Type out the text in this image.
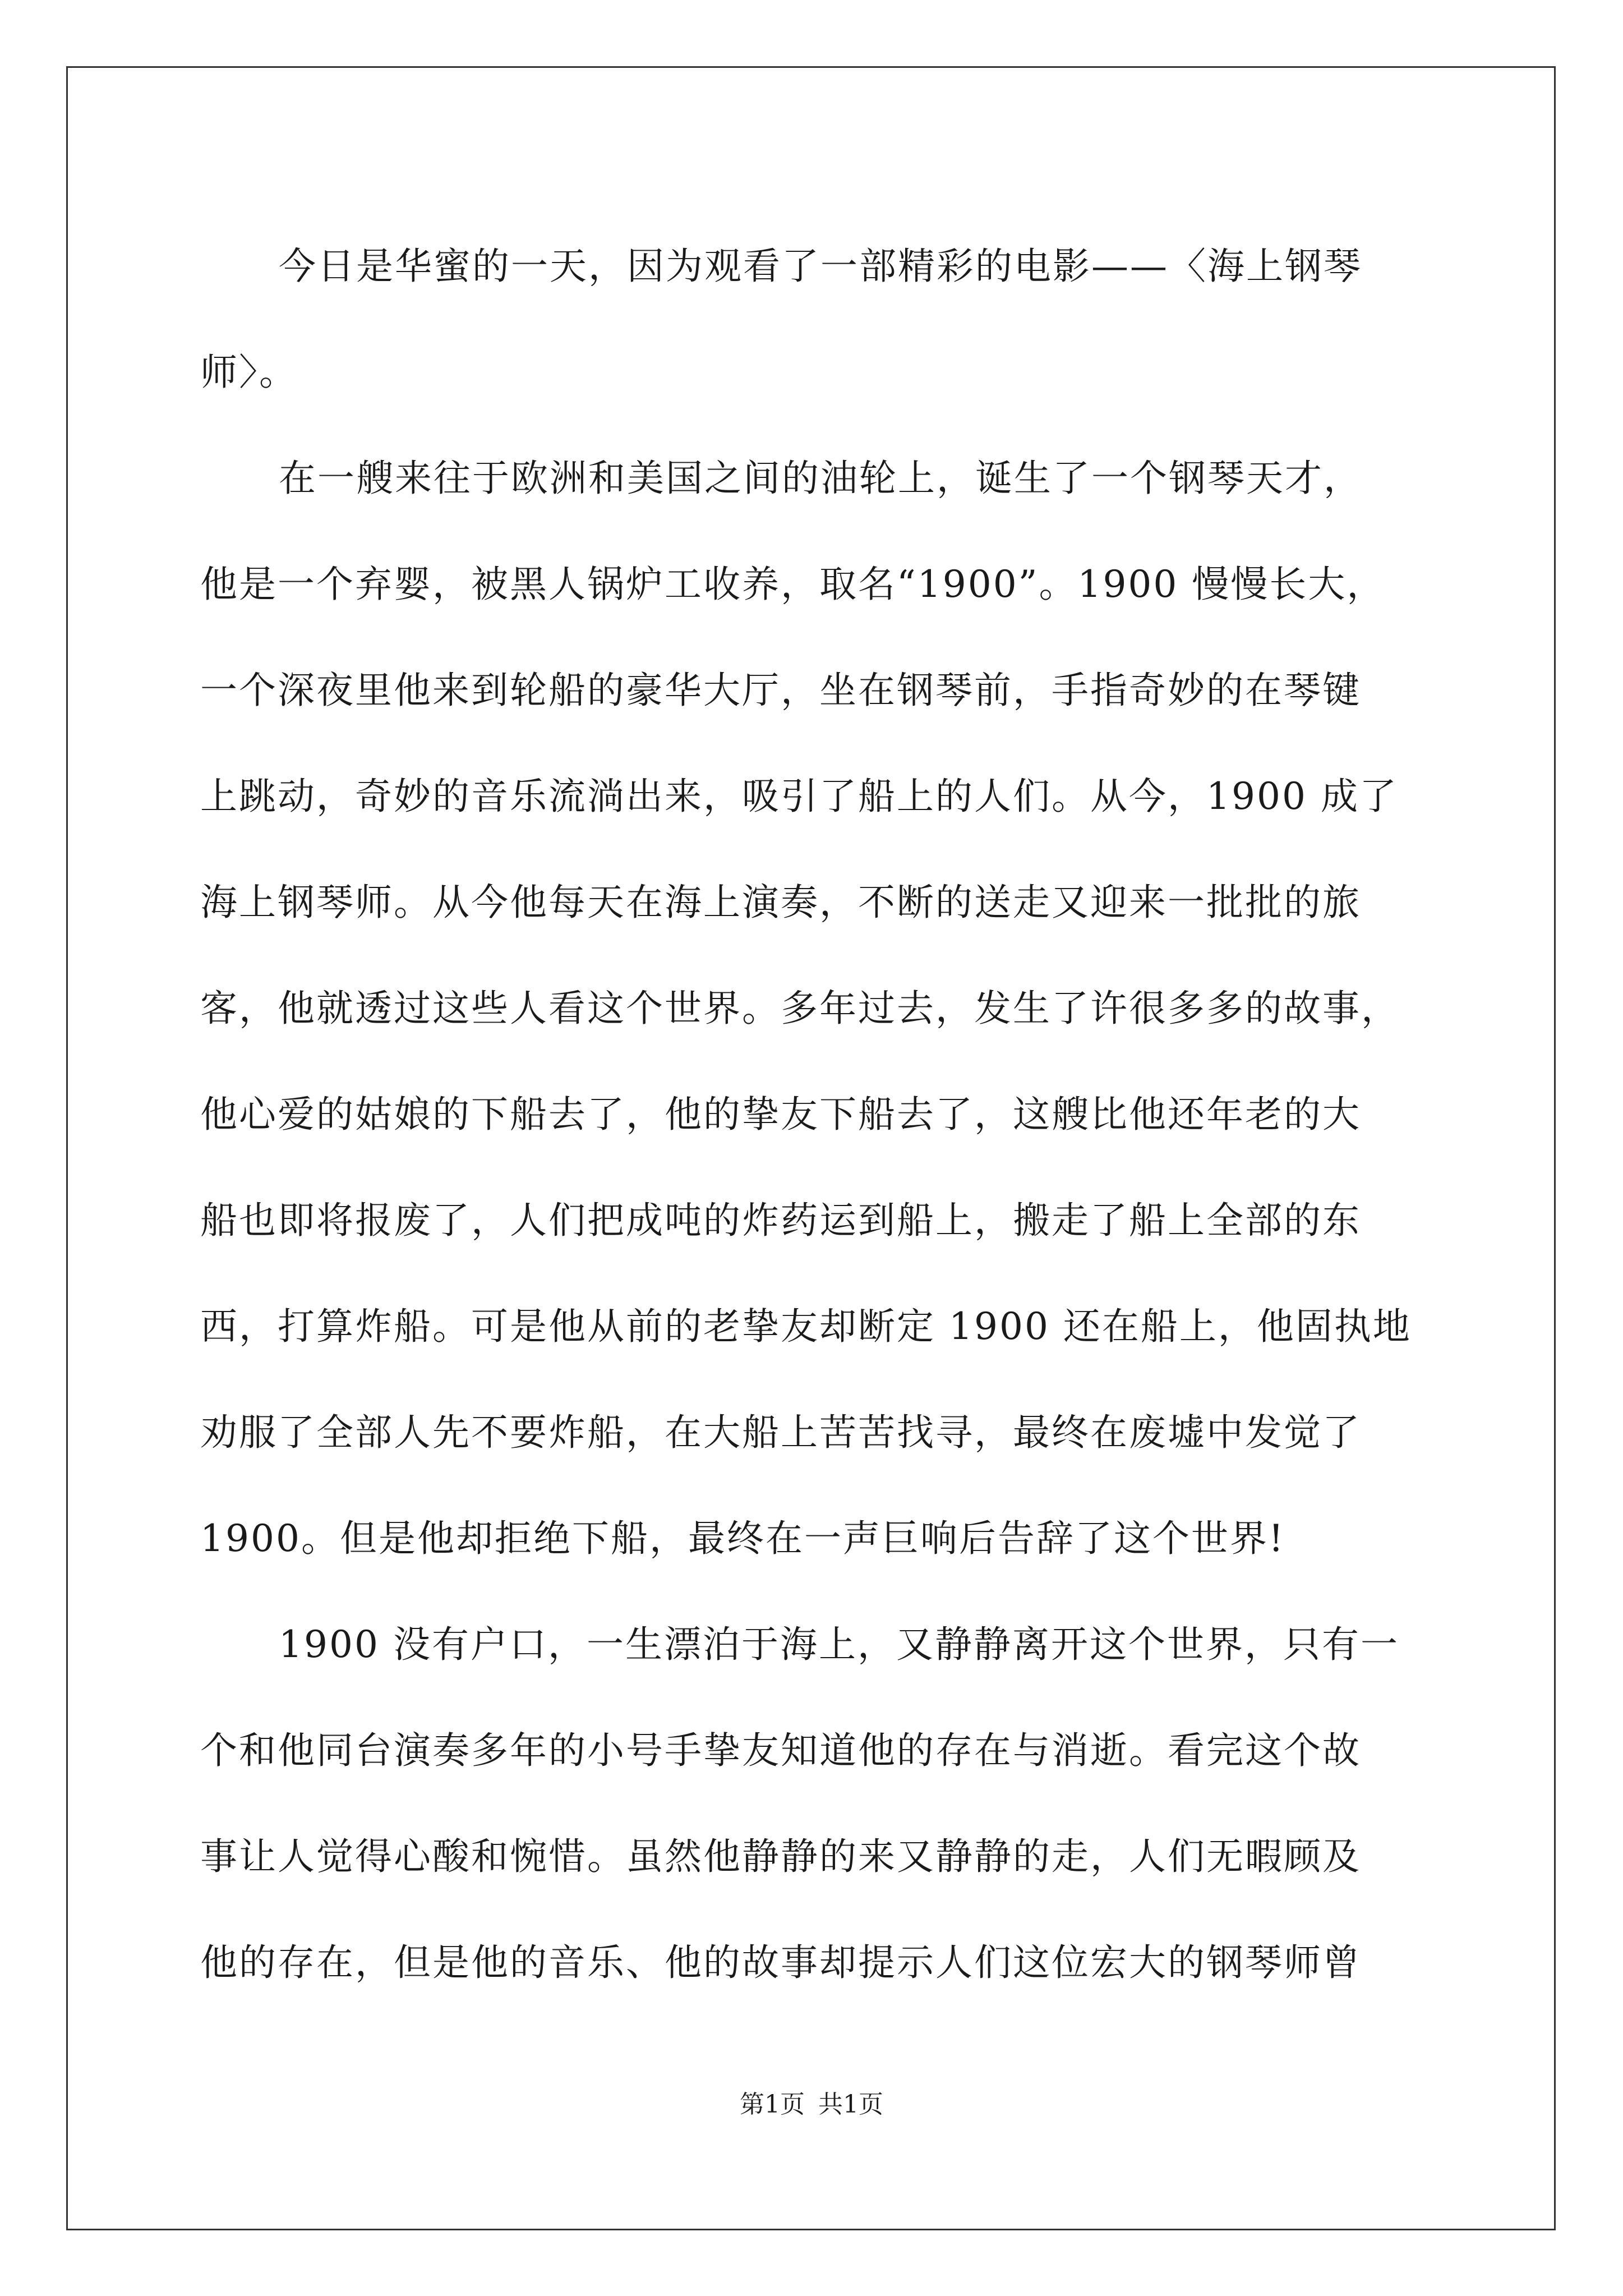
今日是华蜜的一天，因为观看了一部精彩的电影——〈海上钢琴
师〉。
在一艘来往于欧洲和美国之间的油轮上，诞生了一个钢琴天才，
他是一个弃婴，被黑人锅炉工收养，取名“1900”。1900 慢慢长大，
一个深夜里他来到轮船的豪华大厅，坐在钢琴前，手指奇妙的在琴键
上跳动，奇妙的音乐流淌出来，吸引了船上的人们。从今，1900 成了
海上钢琴师。从今他每天在海上演奏，不断的送走又迎来一批批的旅
客，他就透过这些人看这个世界。多年过去，发生了许很多多的故事，
他心爱的姑娘的下船去了，他的挚友下船去了，这艘比他还年老的大
船也即将报废了，人们把成吨的炸药运到船上，搬走了船上全部的东
西，打算炸船。可是他从前的老挚友却断定 1900 还在船上，他固执地
劝服了全部人先不要炸船，在大船上苦苦找寻，最终在废墟中发觉了
1900。但是他却拒绝下船，最终在一声巨响后告辞了这个世界!
1900 没有户口，一生漂泊于海上，又静静离开这个世界，只有一
个和他同台演奏多年的小号手挚友知道他的存在与消逝。看完这个故
事让人觉得心酸和惋惜。虽然他静静的来又静静的走，人们无暇顾及
他的存在，但是他的音乐、他的故事却提示人们这位宏大的钢琴师曾
第1页 共1页
